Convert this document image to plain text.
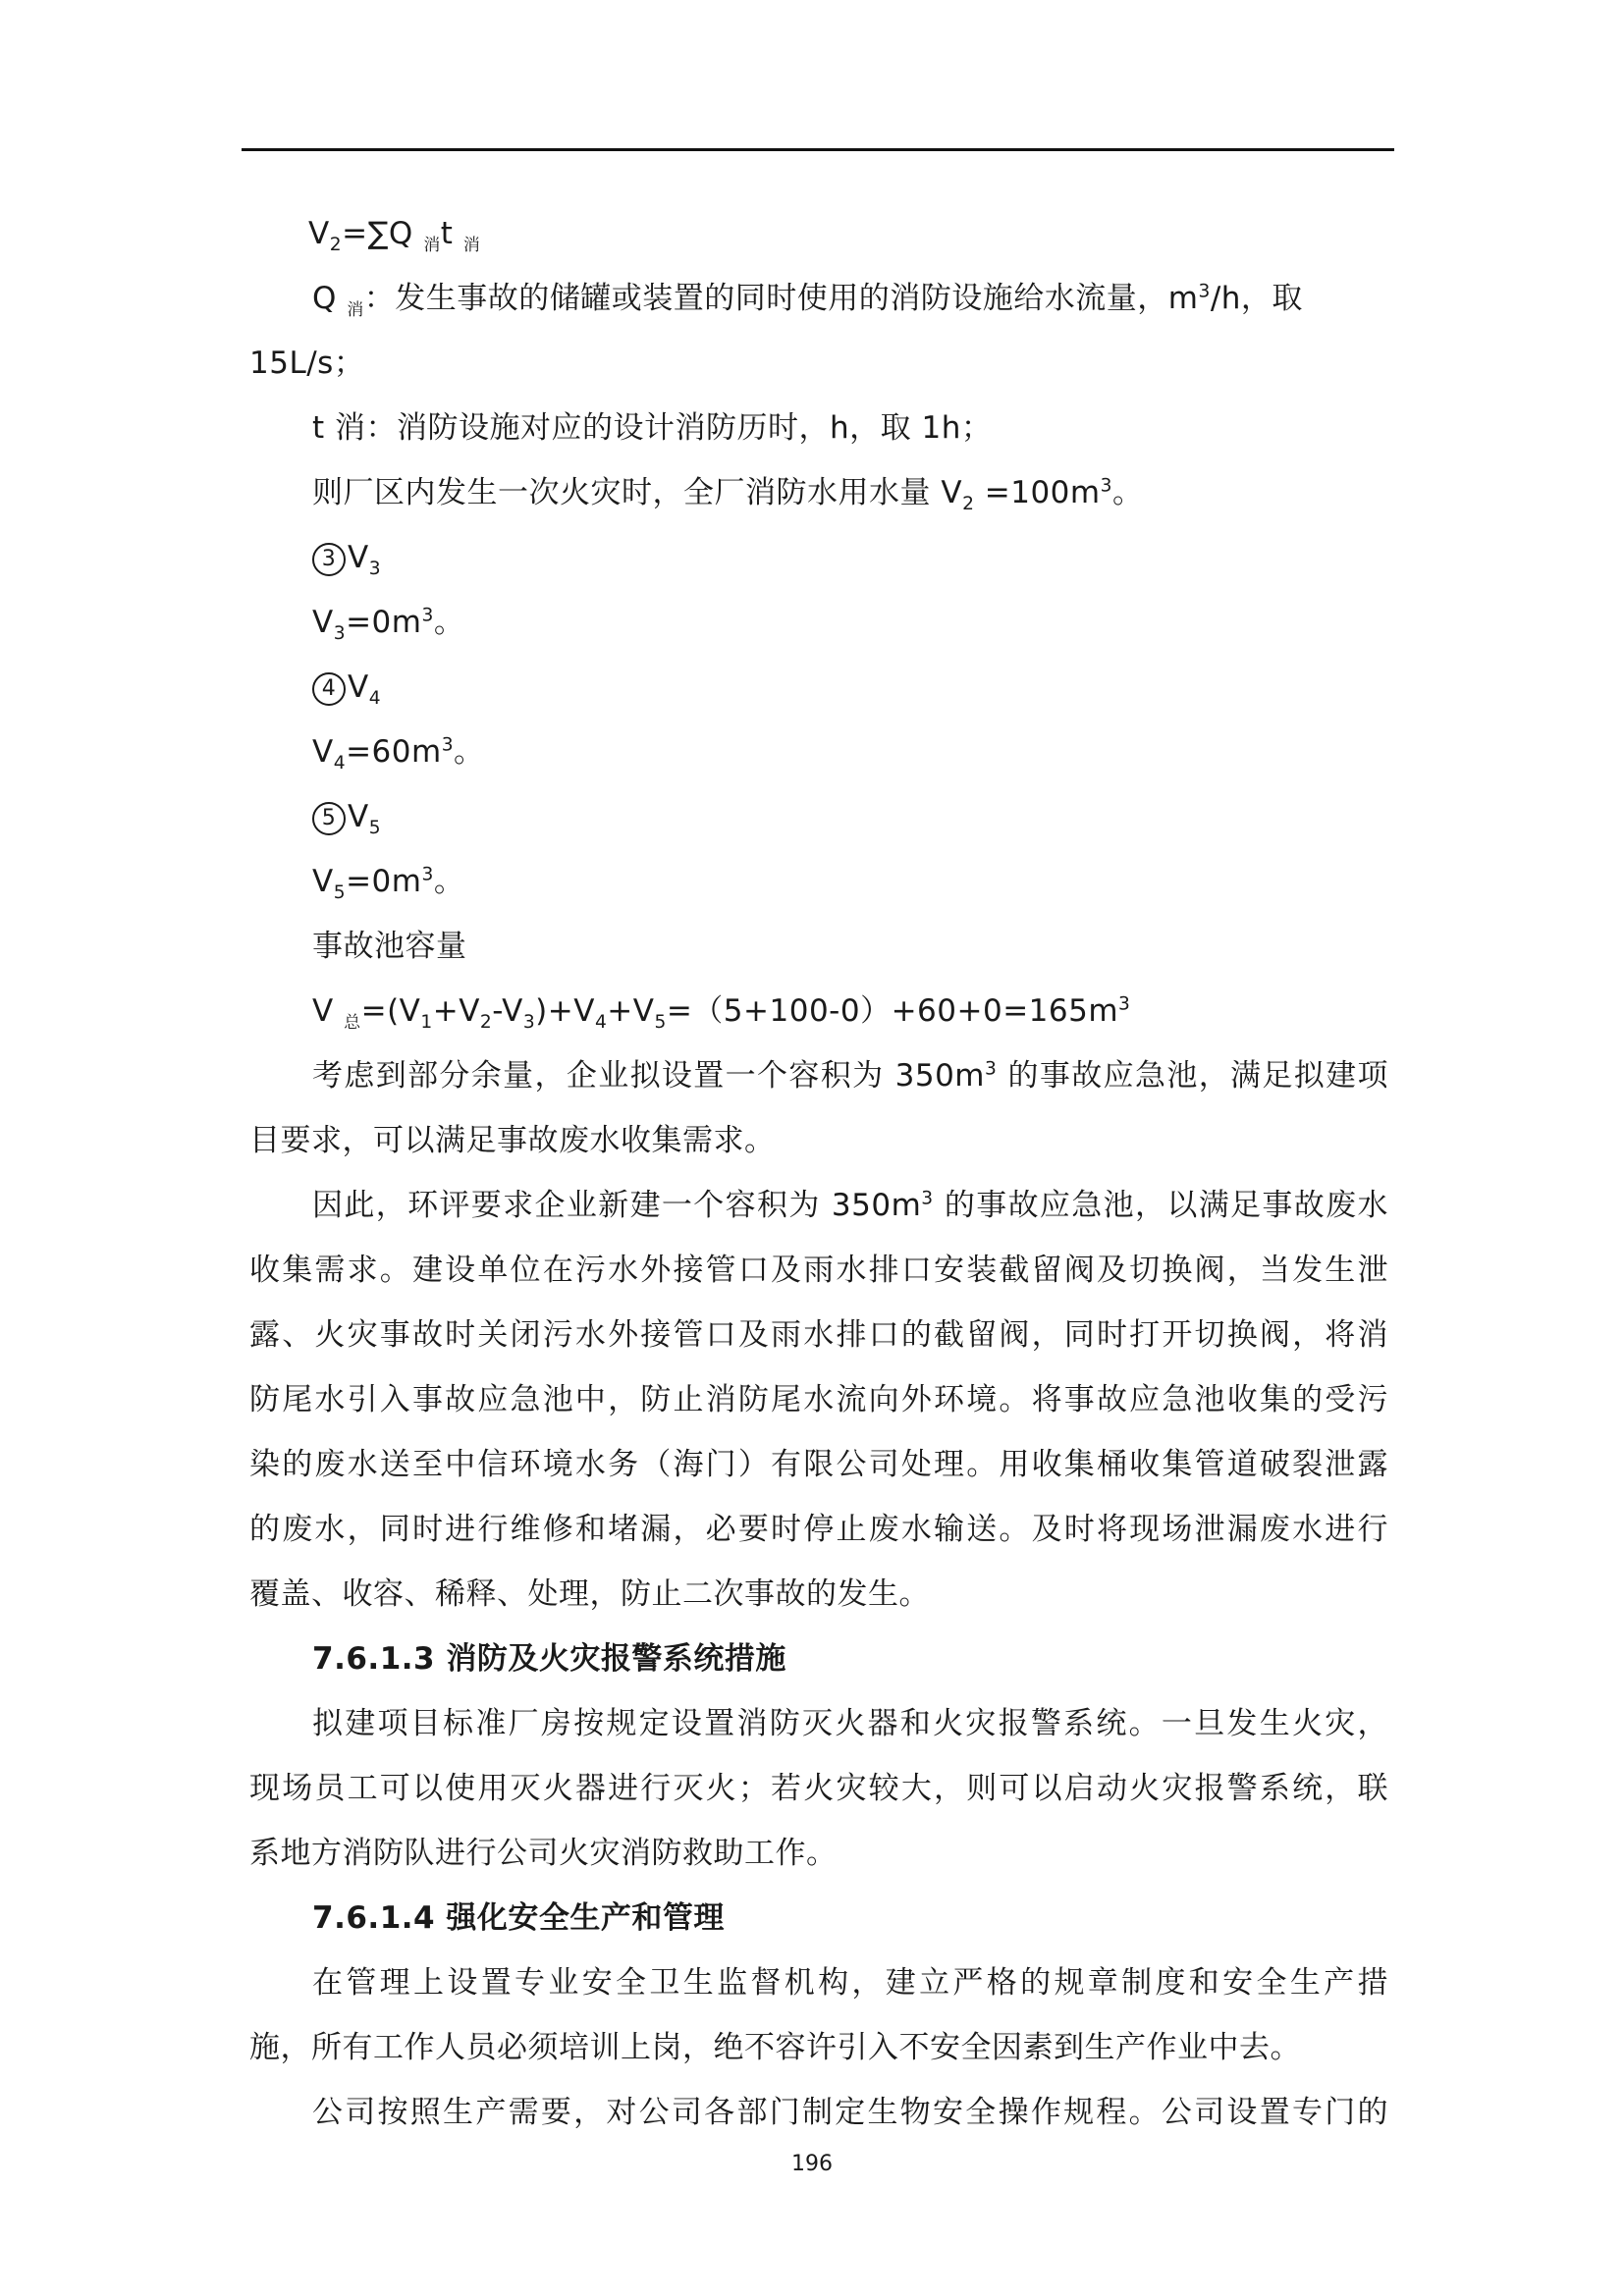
$V_2=\sum Q$ $_消$t $_消$
Q $_消$：发生事故的储罐或装置的同时使用的消防设施给水流量，$m^3/h$，取
15L/s；
t 消：消防设施对应的设计消防历时，h，取 1h；
则厂区内发生一次火灾时，全厂消防水用水量 $V_2 =100m^3$。
3 $V_3$
$V_3=0m^3$。
4 $V_4$
$V_4=60m^3$。
5 $V_5$
$V_5=0m^3$。
事故池容量
V $_总=(V_1+V_2-V_3)+V_4+V_5=(5+100-0)+60+0=165m^3$
考虑到部分余量，企业拟设置一个容积为 $350m^3$ 的事故应急池，满足拟建项
目要求，可以满足事故废水收集需求。
因此，环评要求企业新建一个容积为 $350m^3$ 的事故应急池，以满足事故废水
收集需求。建设单位在污水外接管口及雨水排口安装截留阀及切换阀，当发生泄
露、火灾事故时关闭污水外接管口及雨水排口的截留阀，同时打开切换阀，将消
防尾水引入事故应急池中，防止消防尾水流向外环境。将事故应急池收集的受污
染的废水送至中信环境水务（海门）有限公司处理。用收集桶收集管道破裂泄露
的废水，同时进行维修和堵漏，必要时停止废水输送。及时将现场泄漏废水进行
覆盖、收容、稀释、处理，防止二次事故的发生。
7.6.1.3 消防及火灾报警系统措施
拟建项目标准厂房按规定设置消防灭火器和火灾报警系统。一旦发生火灾，
现场员工可以使用灭火器进行灭火；若火灾较大，则可以启动火灾报警系统，联
系地方消防队进行公司火灾消防救助工作。
7.6.1.4 强化安全生产和管理
在管理上设置专业安全卫生监督机构，建立严格的规章制度和安全生产措
施，所有工作人员必须培训上岗，绝不容许引入不安全因素到生产作业中去。
公司按照生产需要，对公司各部门制定生物安全操作规程。公司设置专门的
196
